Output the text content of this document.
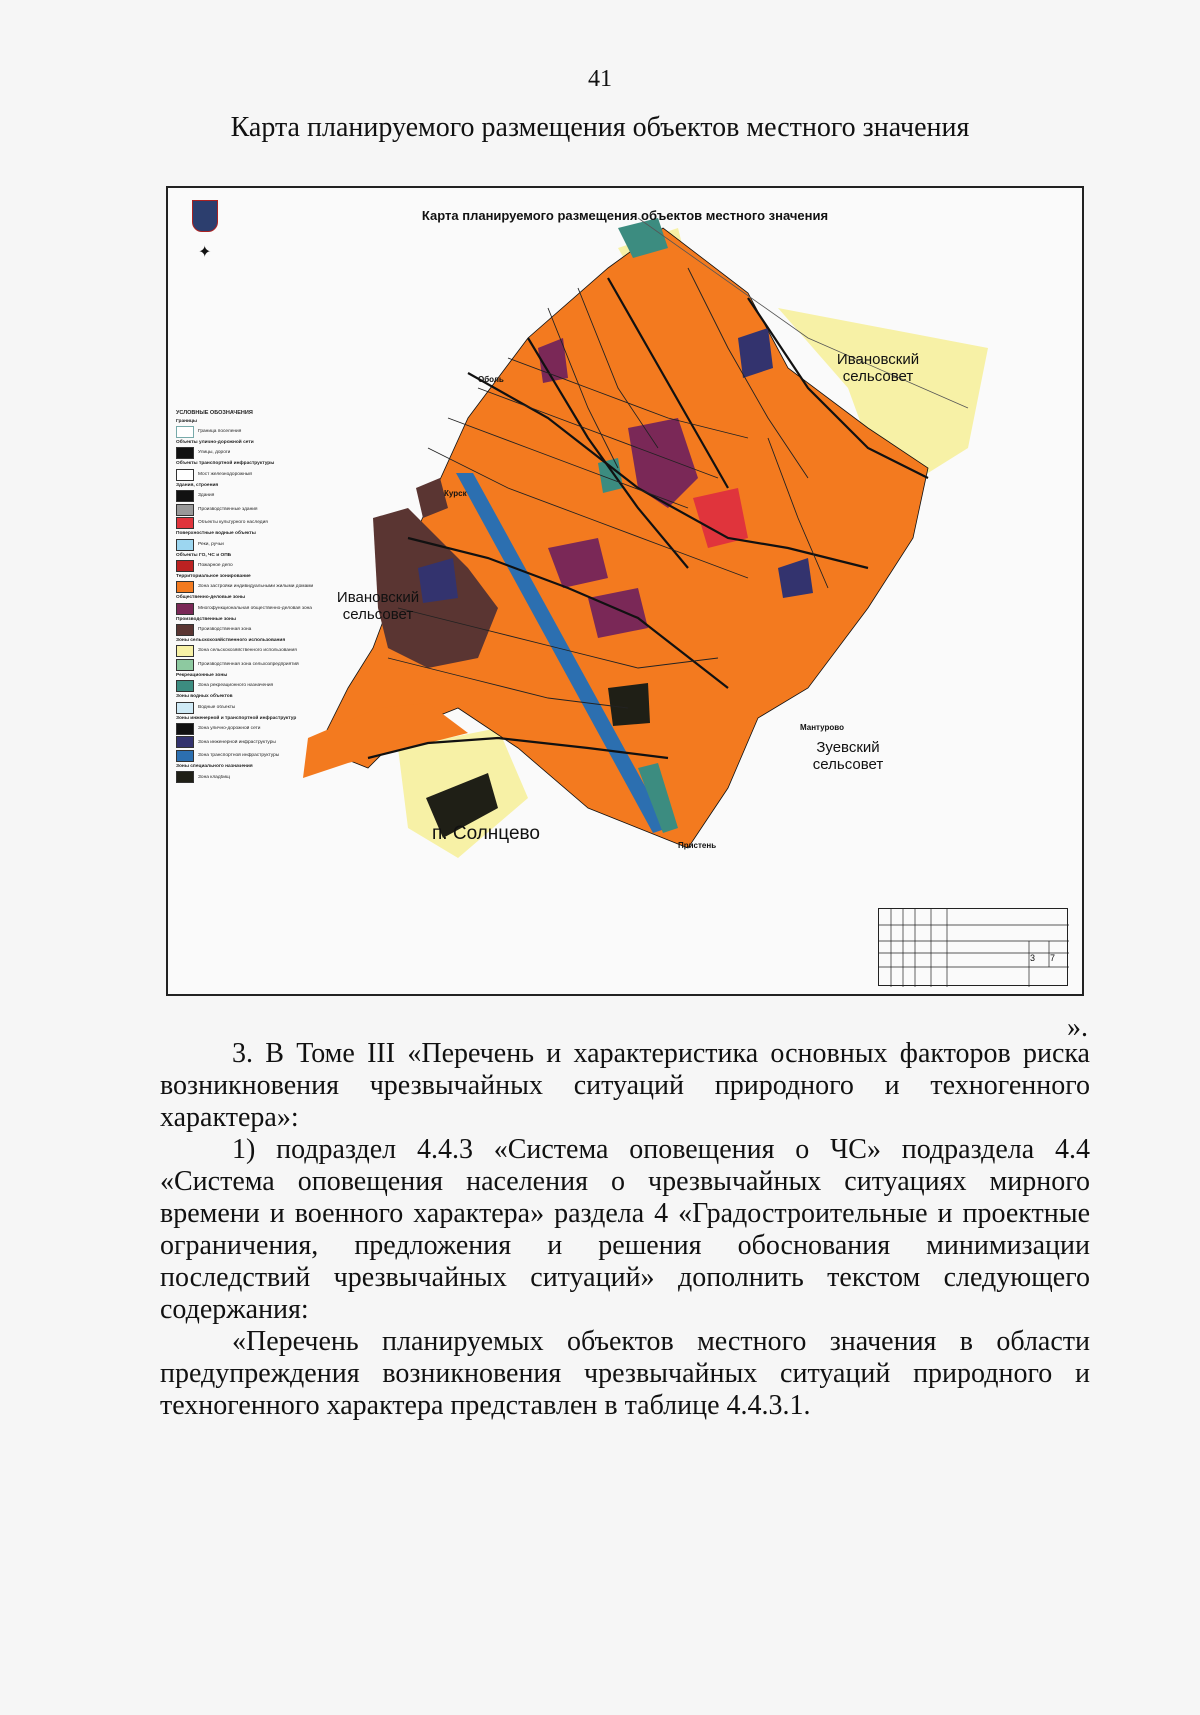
41
Карта планируемого размещения объектов местного значения
Карта планируемого размещения объектов местного значения
✦
Ивановский сельсовет
Ивановский сельсовет
Зуевский сельсовет
п. Солнцево
Оболь
Курск
Мантурово
Пристень
УСЛОВНЫЕ ОБОЗНАЧЕНИЯ
Границы
Граница поселения
Объекты улично-дорожной сети
Улицы, дороги
Объекты транспортной инфраструктуры
Мост железнодорожный
Здания, строения
Здания
Производственные здания
Объекты культурного наследия
Поверхностные водные объекты
Реки, ручьи
Объекты ГО, ЧС и ОПБ
Пожарное депо
Территориальное зонирование
Зона застройки индивидуальными жилыми домами
Общественно-деловые зоны
Многофункциональная общественно-деловая зона
Производственные зоны
Производственная зона
Зоны сельскохозяйственного использования
Зона сельскохозяйственного использования
Производственная зона сельхозпредприятий
Рекреационные зоны
Зона рекреационного назначения
Зоны водных объектов
Водные объекты
Зоны инженерной и транспортной инфраструктур
Зона улично-дорожной сети
Зона инженерной инфраструктуры
Зона транспортной инфраструктуры
Зоны специального назначения
Зона кладбищ
3 7
».

3. В Томе III «Перечень и характеристика основных факторов риска возникновения чрезвычайных ситуаций природного и техногенного характера»:

1) подраздел 4.4.3 «Система оповещения о ЧС» подраздела 4.4 «Система оповещения населения о чрезвычайных ситуациях мирного времени и военного характера» раздела 4 «Градостроительные и проектные ограничения, предложения и решения обоснования минимизации последствий чрезвычайных ситуаций» дополнить текстом следующего содержания:

«Перечень планируемых объектов местного значения в области предупреждения возникновения чрезвычайных ситуаций природного и техногенного характера представлен в таблице 4.4.3.1.
